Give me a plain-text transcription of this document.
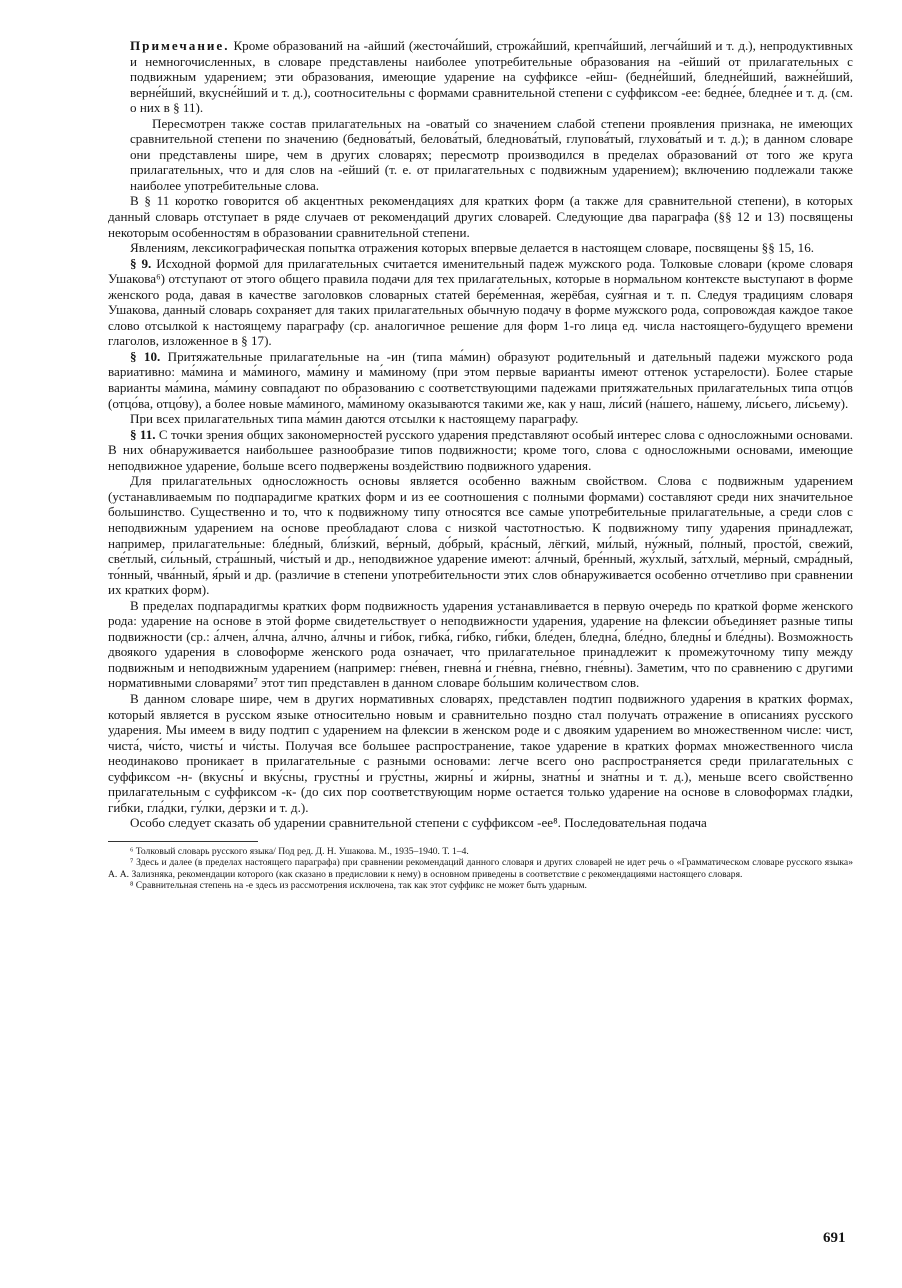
Примечание. Кроме образований на -айший (жесточа́йший, строжа́йший, крепча́йший, легча́йший и т. д.), непродуктивных и немногочисленных, в словаре представлены наиболее употребительные образования на -ейший от прилагательных с подвижным ударением; эти образования, имеющие ударение на суффиксе -ейш- (бедне́йший, бледне́йший, важне́йший, верне́йший, вкусне́йший и т. д.), соотносительны с формами сравнительной степени с суффиксом -ее: бедне́е, бледне́е и т. д. (см. о них в § 11).

Пересмотрен также состав прилагательных на -оватый со значением слабой степени проявления признака, не имеющих сравнительной степени по значению (беднова́тый, белова́тый, бледнова́тый, глупова́тый, глухова́тый и т. д.); в данном словаре они представлены шире, чем в других словарях; пересмотр производился в пределах образований от того же круга прилагательных, что и для слов на -ейший (т. е. от прилагательных с подвижным ударением); включению подлежали также наиболее употребительные слова.

В § 11 коротко говорится об акцентных рекомендациях для кратких форм (а также для сравнительной степени), в которых данный словарь отступает в ряде случаев от рекомендаций других словарей. Следующие два параграфа (§§ 12 и 13) посвящены некоторым особенностям в образовании сравнительной степени.

Явлениям, лексикографическая попытка отражения которых впервые делается в настоящем словаре, посвящены §§ 15, 16.

§ 9. Исходной формой для прилагательных считается именительный падеж мужского рода. Толковые словари (кроме словаря Ушакова⁶) отступают от этого общего правила подачи для тех прилагательных, которые в нормальном контексте выступают в форме женского рода, давая в качестве заголовков словарных статей бере́менная, жерёбая, суя́гная и т. п. Следуя традициям словаря Ушакова, данный словарь сохраняет для таких прилагательных обычную подачу в форме мужского рода, сопровождая каждое такое слово отсылкой к настоящему параграфу (ср. аналогичное решение для форм 1-го лица ед. числа настоящего-будущего времени глаголов, изложенное в § 17).

§ 10. Притяжательные прилагательные на -ин (типа ма́мин) образуют родительный и дательный падежи мужского рода вариативно: ма́мина и ма́миного, ма́мину и ма́миному (при этом первые варианты имеют оттенок устарелости). Более старые варианты ма́мина, ма́мину совпадают по образованию с соответствующими падежами притяжательных прилагательных типа отцо́в (отцо́ва, отцо́ву), а более новые ма́миного, ма́миному оказываются такими же, как у наш, ли́сий (на́шего, на́шему, ли́сьего, ли́сьему).

При всех прилагательных типа ма́мин даются отсылки к настоящему параграфу.

§ 11. С точки зрения общих закономерностей русского ударения представляют особый интерес слова с односложными основами. В них обнаруживается наибольшее разнообразие типов подвижности; кроме того, слова с односложными основами, имеющие неподвижное ударение, больше всего подвержены воздействию подвижного ударения.

Для прилагательных односложность основы является особенно важным свойством. Слова с подвижным ударением (устанавливаемым по подпарадигме кратких форм и из ее соотношения с полными формами) составляют среди них значительное большинство. Существенно и то, что к подвижному типу относятся все самые употребительные прилагательные, а среди слов с неподвижным ударением на основе преобладают слова с низкой частотностью. К подвижному типу ударения принадлежат, например, прилагательные: бле́дный, бли́зкий, ве́рный, до́брый, кра́сный, лёгкий, ми́лый, ну́жный, по́лный, просто́й, свежий, све́тлый, си́льный, стра́шный, чи́стый и др., неподвижное ударение имеют: а́лчный, бре́нный, жу́хлый, за́тхлый, ме́рный, смра́дный, то́нный, чва́нный, я́рый и др. (различие в степени употребительности этих слов обнаруживается особенно отчетливо при сравнении их кратких форм).

В пределах подпарадигмы кратких форм подвижность ударения устанавливается в первую очередь по краткой форме женского рода: ударение на основе в этой форме свидетельствует о неподвижности ударения, ударение на флексии объединяет разные типы подвижности (ср.: а́лчен, а́лчна, а́лчно, а́лчны и ги́бок, гибка́, ги́бко, ги́бки, бле́ден, бледна́, бле́дно, бледны́ и бле́дны). Возможность двоякого ударения в словоформе женского рода означает, что прилагательное принадлежит к промежуточному типу между подвижным и неподвижным ударением (например: гне́вен, гневна́ и гне́вна, гне́вно, гне́вны). Заметим, что по сравнению с другими нормативными словарями⁷ этот тип представлен в данном словаре бо́льшим количеством слов.

В данном словаре шире, чем в других нормативных словарях, представлен подтип подвижного ударения в кратких формах, который является в русском языке относительно новым и сравнительно поздно стал получать отражение в описаниях русского ударения. Мы имеем в виду подтип с ударением на флексии в женском роде и с двояким ударением во множественном числе: чист, чиста́, чи́сто, чисты́ и чи́сты. Получая все большее распространение, такое ударение в кратких формах множественного числа неодинаково проникает в прилагательные с разными основами: легче всего оно распространяется среди прилагательных с суффиксом -н- (вкусны́ и вку́сны, грустны́ и гру́стны, жирны́ и жи́рны, знатны́ и зна́тны и т. д.), меньше всего свойственно прилагательным с суффиксом -к- (до сих пор соответствующим норме остается только ударение на основе в словоформах гла́дки, ги́бки, гла́дки, гу́лки, де́рзки и т. д.).

Особо следует сказать об ударении сравнительной степени с суффиксом -ее⁸. Последовательная подача

⁶ Толковый словарь русского языка/ Под ред. Д. Н. Ушакова. М., 1935–1940. Т. 1–4.

⁷ Здесь и далее (в пределах настоящего параграфа) при сравнении рекомендаций данного словаря и других словарей не идет речь о «Грамматическом словаре русского языка» А. А. Зализняка, рекомендации которого (как сказано в предисловии к нему) в основном приведены в соответствие с рекомендациями настоящего словаря.

⁸ Сравнительная степень на -е здесь из рассмотрения исключена, так как этот суффикс не может быть ударным.

691
